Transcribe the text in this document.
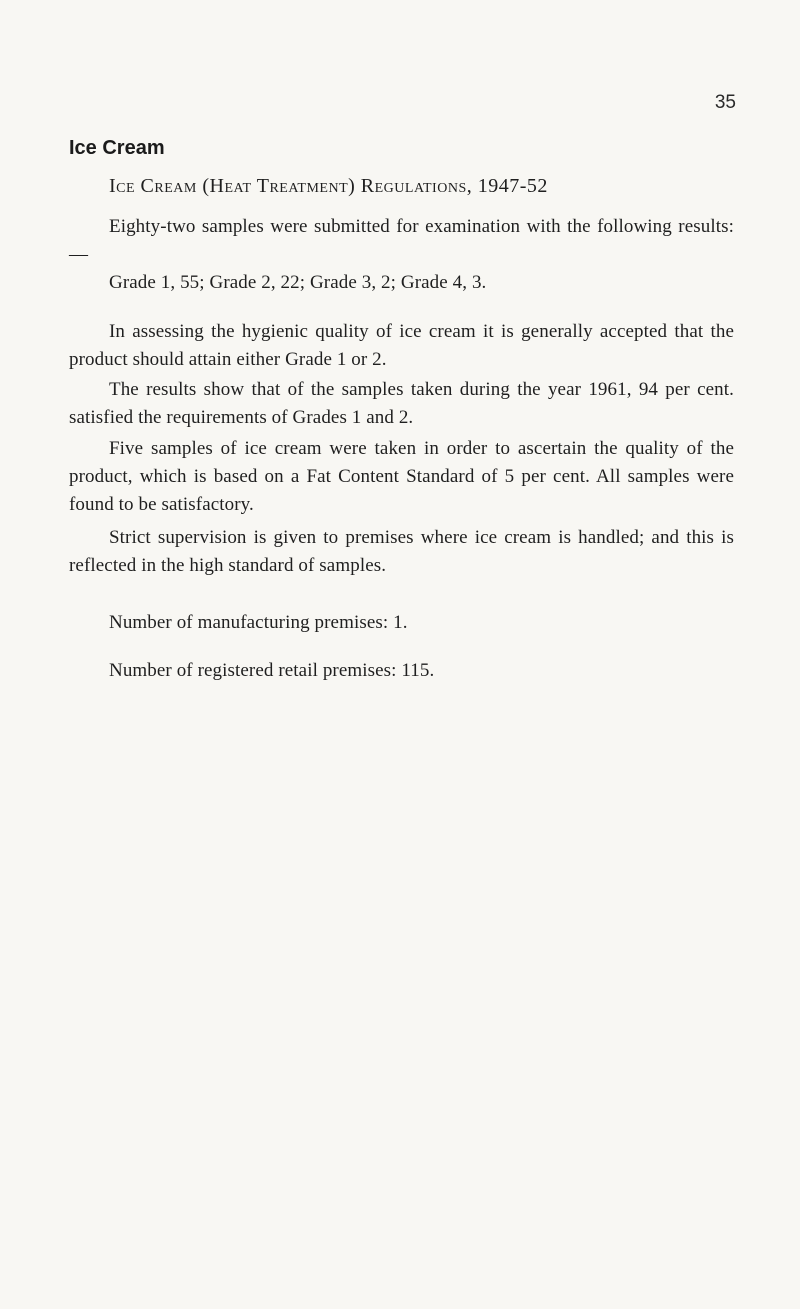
35
Ice Cream

Ice Cream (Heat Treatment) Regulations, 1947-52

Eighty-two samples were submitted for examination with the following results:—

Grade 1, 55; Grade 2, 22; Grade 3, 2; Grade 4, 3.

In assessing the hygienic quality of ice cream it is generally accepted that the product should attain either Grade 1 or 2.

The results show that of the samples taken during the year 1961, 94 per cent. satisfied the requirements of Grades 1 and 2.

Five samples of ice cream were taken in order to ascertain the quality of the product, which is based on a Fat Content Standard of 5 per cent. All samples were found to be satisfactory.

Strict supervision is given to premises where ice cream is handled; and this is reflected in the high standard of samples.

Number of manufacturing premises: 1.

Number of registered retail premises: 115.
